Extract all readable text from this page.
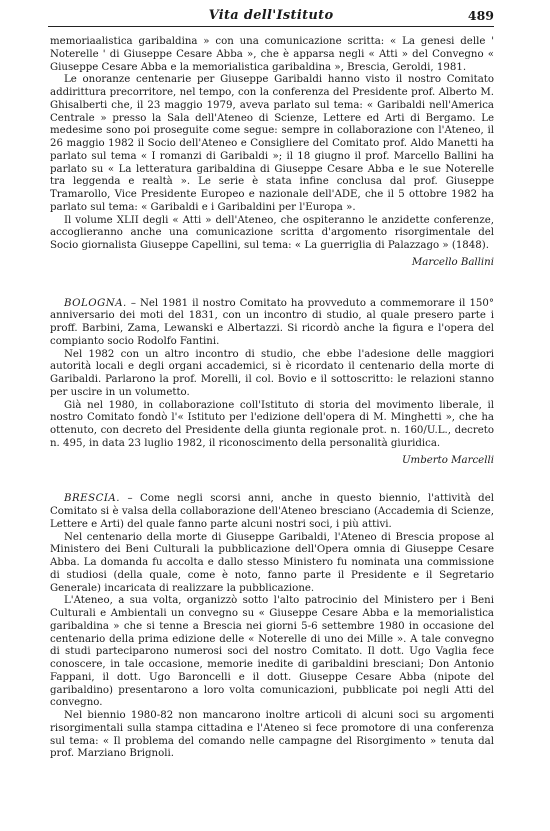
Vita dell'Istituto	489

memoriaalistica garibaldina » con una comunicazione scritta: « La genesi delle ' Noterelle ' di Giuseppe Cesare Abba », che è apparsa negli « Atti » del Convegno « Giuseppe Cesare Abba e la memorialistica garibaldina », Brescia, Geroldi, 1981.

Le onoranze centenarie per Giuseppe Garibaldi hanno visto il nostro Comitato addirittura precorritore, nel tempo, con la conferenza del Presidente prof. Alberto M. Ghisalberti che, il 23 maggio 1979, aveva parlato sul tema: « Garibaldi nell'America Centrale » presso la Sala dell'Ateneo di Scienze, Lettere ed Arti di Bergamo. Le medesime sono poi proseguite come segue: sempre in collaborazione con l'Ateneo, il 26 maggio 1982 il Socio dell'Ateneo e Consigliere del Comitato prof. Aldo Manetti ha parlato sul tema « I romanzi di Garibaldi »; il 18 giugno il prof. Marcello Ballini ha parlato su « La letteratura garibaldina di Giuseppe Cesare Abba e le sue Noterelle tra leggenda e realtà ». Le serie è stata infine conclusa dal prof. Giuseppe Tramarollo, Vice Presidente Europeo e nazionale dell'ADE, che il 5 ottobre 1982 ha parlato sul tema: « Garibaldi e i Garibaldini per l'Europa ».

Il volume XLII degli « Atti » dell'Ateneo, che ospiteranno le anzidette conferenze, accoglieranno anche una comunicazione scritta d'argomento risorgimentale del Socio giornalista Giuseppe Capellini, sul tema: « La guerriglia di Palazzago » (1848).

Marcello Ballini

BOLOGNA. – Nel 1981 il nostro Comitato ha provveduto a commemorare il 150° anniversario dei moti del 1831, con un incontro di studio, al quale presero parte i proff. Barbini, Zama, Lewanski e Albertazzi. Si ricordò anche la figura e l'opera del compianto socio Rodolfo Fantini.

Nel 1982 con un altro incontro di studio, che ebbe l'adesione delle maggiori autorità locali e degli organi accademici, si è ricordato il centenario della morte di Garibaldi. Parlarono la prof. Morelli, il col. Bovio e il sottoscritto: le relazioni stanno per uscire in un volumetto.

Già nel 1980, in collaborazione coll'Istituto di storia del movimento liberale, il nostro Comitato fondò l'« Istituto per l'edizione dell'opera di M. Minghetti », che ha ottenuto, con decreto del Presidente della giunta regionale prot. n. 160/U.L., decreto n. 495, in data 23 luglio 1982, il riconoscimento della personalità giuridica.

Umberto Marcelli

BRESCIA. – Come negli scorsi anni, anche in questo biennio, l'attività del Comitato si è valsa della collaborazione dell'Ateneo bresciano (Accademia di Scienze, Lettere e Arti) del quale fanno parte alcuni nostri soci, i più attivi.

Nel centenario della morte di Giuseppe Garibaldi, l'Ateneo di Brescia propose al Ministero dei Beni Culturali la pubblicazione dell'Opera omnia di Giuseppe Cesare Abba. La domanda fu accolta e dallo stesso Ministero fu nominata una commissione di studiosi (della quale, come è noto, fanno parte il Presidente e il Segretario Generale) incaricata di realizzare la pubblicazione.

L'Ateneo, a sua volta, organizzò sotto l'alto patrocinio del Ministero per i Beni Culturali e Ambientali un convegno su « Giuseppe Cesare Abba e la memorialistica garibaldina » che si tenne a Brescia nei giorni 5-6 settembre 1980 in occasione del centenario della prima edizione delle « Noterelle di uno dei Mille ». A tale convegno di studi parteciparono numerosi soci del nostro Comitato. Il dott. Ugo Vaglia fece conoscere, in tale occasione, memorie inedite di garibaldini bresciani; Don Antonio Fappani, il dott. Ugo Baroncelli e il dott. Giuseppe Cesare Abba (nipote del garibaldino) presentarono a loro volta comunicazioni, pubblicate poi negli Atti del convegno.

Nel biennio 1980-82 non mancarono inoltre articoli di alcuni soci su argomenti risorgimentali sulla stampa cittadina e l'Ateneo si fece promotore di una conferenza sul tema: « Il problema del comando nelle campagne del Risorgimento » tenuta dal prof. Marziano Brignoli.
